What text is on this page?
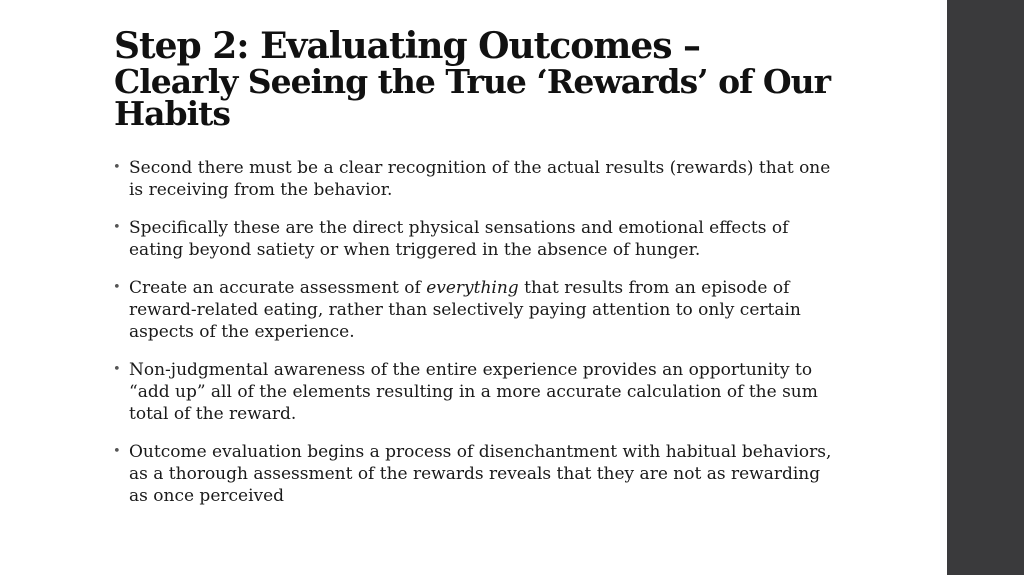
Step 2: Evaluating Outcomes –
Clearly Seeing the True ‘Rewards’ of Our Habits
• Second there must be a clear recognition of the actual results (rewards) that one is receiving from the behavior.
• Specifically these are the direct physical sensations and emotional effects of eating beyond satiety or when triggered in the absence of hunger.
• Create an accurate assessment of everything that results from an episode of reward-related eating, rather than selectively paying attention to only certain aspects of the experience.
• Non-judgmental awareness of the entire experience provides an opportunity to “add up” all of the elements resulting in a more accurate calculation of the sum total of the reward.
• Outcome evaluation begins a process of disenchantment with habitual behaviors, as a thorough assessment of the rewards reveals that they are not as rewarding as once perceived
